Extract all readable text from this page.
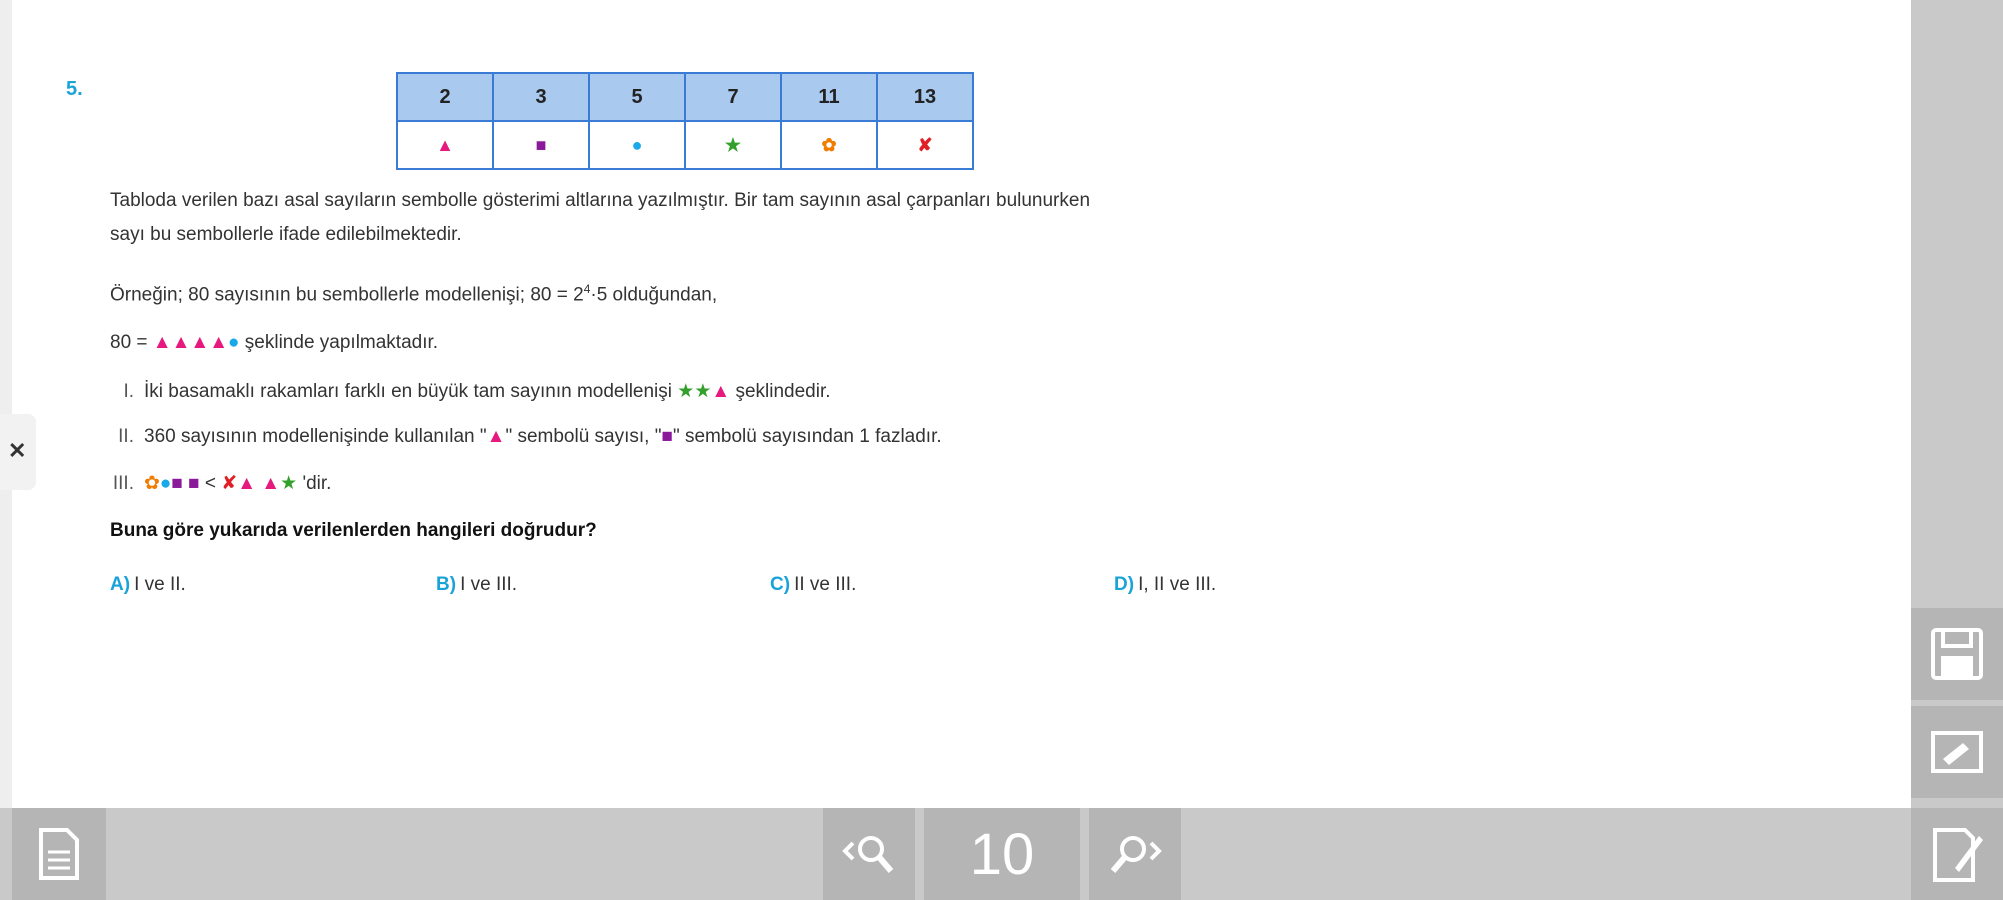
✕
5.	2	3	5	7	11	13
▲	■	●	★	✿	✘
Tabloda verilen bazı asal sayıların sembolle gösterimi altlarına yazılmıştır. Bir tam sayının asal çarpanları bulunurken
sayı bu sembollerle ifade edilebilmektedir.
Örneğin; 80 sayısının bu sembollerle modellenişi; $80 = 2^4\cdot 5$ olduğundan,
80 = ▲▲▲▲● şeklinde yapılmaktadır.
I. İki basamaklı rakamları farklı en büyük tam sayının modellenişi ★★▲ şeklindedir.
II. 360 sayısının modellenişinde kullanılan "▲" sembolü sayısı, "■" sembolü sayısından 1 fazladır.
III. ✿●■ ■ < ✘▲ ▲★ 'dir.
Buna göre yukarıda verilenlerden hangileri doğrudur?
A) I ve II.	B) I ve III.	C) II ve III.	D) I, II ve III.
10
